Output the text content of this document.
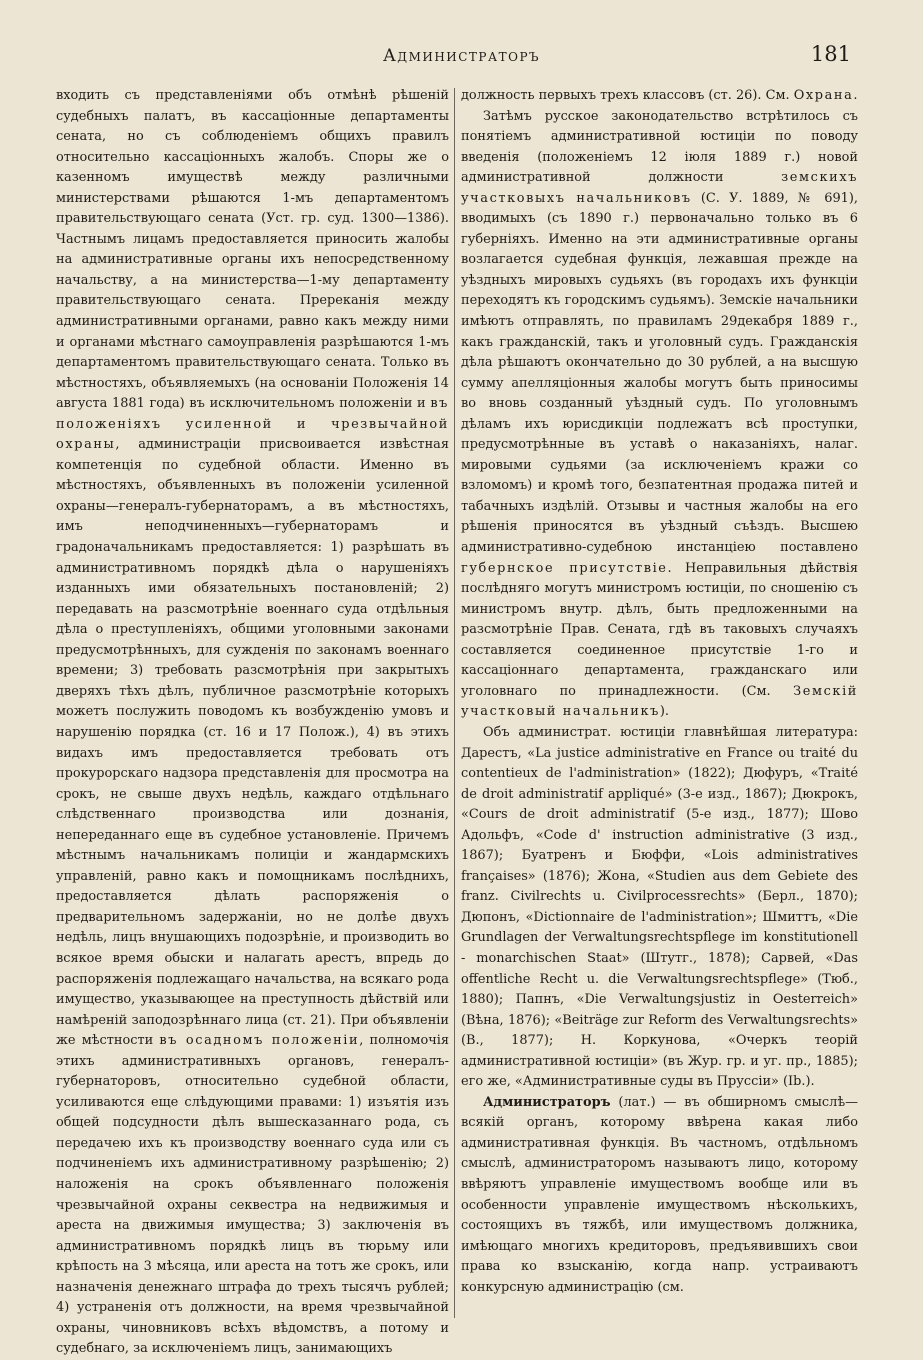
Администраторъ	181

входить съ представленіями объ отмѣнѣ рѣшеній судебныхъ палатъ, въ кассаціонные департаменты сената, но съ соблюденіемъ общихъ правилъ относительно кассаціонныхъ жалобъ. Споры же о казенномъ имуществѣ между различными министерствами рѣшаются 1-мъ департаментомъ правительствующаго сената (Уст. гр. суд. 1300—1386). Частнымъ лицамъ предоставляется приносить жалобы на административные органы ихъ непосредственному начальству, а на министерства—1-му департаменту правительствующаго сената. Пререканія между административными органами, равно какъ между ними и органами мѣстнаго самоуправленія разрѣшаются 1-мъ департаментомъ правительствующаго сената. Только въ мѣстностяхъ, объявляемыхъ (на основаніи Положенія 14 августа 1881 года) въ исключительномъ положеніи и въ положеніяхъ усиленной и чрезвычайной охраны, администраціи присвоивается извѣстная компетенція по судебной области. Именно въ мѣстностяхъ, объявленныхъ въ положеніи усиленной охраны—генералъ-губернаторамъ, а въ мѣстностяхъ, имъ неподчиненныхъ—губернаторамъ и градоначальникамъ предоставляется: 1) разрѣшать въ административномъ порядкѣ дѣла о нарушеніяхъ изданныхъ ими обязательныхъ постановленій; 2) передавать на разсмотрѣніе военнаго суда отдѣльныя дѣла о преступленіяхъ, общими уголовными законами предусмотрѣнныхъ, для сужденія по законамъ военнаго времени; 3) требовать разсмотрѣнія при закрытыхъ дверяхъ тѣхъ дѣлъ, публичное разсмотрѣніе которыхъ можетъ послужить поводомъ къ возбужденію умовъ и нарушенію порядка (ст. 16 и 17 Полож.), 4) въ этихъ видахъ имъ предоставляется требовать отъ прокурорскаго надзора представленія для просмотра на срокъ, не свыше двухъ недѣль, каждаго отдѣльнаго слѣдственнаго производства или дознанія, непереданнаго еще въ судебное установленіе. Причемъ мѣстнымъ начальникамъ полиціи и жандармскихъ управленій, равно какъ и помощникамъ послѣднихъ, предоставляется дѣлать распоряженія о предварительномъ задержаніи, но не долѣе двухъ недѣль, лицъ внушающихъ подозрѣніе, и производить во всякое время обыски и налагать арестъ, впредь до распоряженія подлежащаго начальства, на всякаго рода имущество, указывающее на преступность дѣйствій или намѣреній заподозрѣннаго лица (ст. 21). При объявленіи же мѣстности въ осадномъ положеніи, полномочія этихъ административныхъ органовъ, генералъ-губернаторовъ, относительно судебной области, усиливаются еще слѣдующими правами: 1) изъятія изъ общей подсудности дѣлъ вышесказаннаго рода, съ передачею ихъ къ производству военнаго суда или съ подчиненіемъ ихъ административному разрѣшенію; 2) наложенія на срокъ объявленнаго положенія чрезвычайной охраны секвестра на недвижимыя и ареста на движимыя имущества; 3) заключенія въ административномъ порядкѣ лицъ въ тюрьму или крѣпость на 3 мѣсяца, или ареста на тотъ же срокъ, или назначенія денежнаго штрафа до трехъ тысячъ рублей; 4) устраненія отъ должности, на время чрезвычайной охраны, чиновниковъ всѣхъ вѣдомствъ, а потому и судебнаго, за исключеніемъ лицъ, занимающихъ

должность первыхъ трехъ классовъ (ст. 26). См. Охрана.

Затѣмъ русское законодательство встрѣтилось съ понятіемъ административной юстиціи по поводу введенія (положеніемъ 12 іюля 1889 г.) новой административной должности	земскихъ участковыхъ начальниковъ (С. У. 1889, № 691), вводимыхъ (съ 1890 г.) первоначально только въ 6 губерніяхъ. Именно на эти административные органы возлагается судебная функція, лежавшая прежде на уѣздныхъ мировыхъ судьяхъ (въ городахъ ихъ функціи переходятъ къ городскимъ судьямъ). Земскіе начальники имѣютъ отправлять, по правиламъ 29декабря 1889 г., какъ гражданскій, такъ и уголовный судъ. Гражданскія дѣла рѣшаютъ окончательно до 30 рублей, а на высшую сумму апелляціонныя жалобы могутъ быть приносимы во вновь созданный уѣздный судъ. По уголовнымъ дѣламъ ихъ юрисдикціи подлежатъ всѣ проступки, предусмотрѣнные въ уставѣ о наказаніяхъ, налаг. мировыми судьями (за исключеніемъ кражи со взломомъ) и кромѣ того, безпатентная продажа питей и табачныхъ издѣлій. Отзывы и частныя жалобы на его рѣшенія приносятся въ уѣздный съѣздъ. Высшею административно-судебною инстанціею поставлено губернское присутствіе. Неправильныя дѣйствія послѣдняго могутъ министромъ юстиціи, по сношенію съ министромъ внутр. дѣлъ, быть предложенными на разсмотрѣніе Прав. Сената, гдѣ въ таковыхъ случаяхъ составляется соединенное присутствіе 1-го и кассаціоннаго департамента, гражданскаго или уголовнаго по принадлежности. (См. Земскій участковый начальникъ).

Объ администрат. юстиціи главнѣйшая литература: Дарестъ, «La justice administrative en France ou traité du contentieux de l'administration» (1822); Дюфуръ, «Traité de droit administratif appliqué» (3-е изд., 1867); Дюкрокъ, «Cours de droit administratif (5-е изд., 1877); Шово Адольфъ, «Code d' instruction administrative (3 изд., 1867); Буатренъ и Бюффи, «Lois administratives françaises» (1876); Жона, «Studien aus dem Gebiete des franz. Civilrechts u. Civilprocessrechts» (Берл., 1870); Дюпонъ, «Dictionnaire de l'administration»; Шмиттъ, «Die Grundlagen der Verwaltungsrechtspflege im konstitutionell - monarchischen Staat» (Штутг., 1878); Сарвей, «Das offentliche Recht u. die Verwaltungsrechtspflege» (Тюб., 1880); Папнъ, «Die Verwaltungsjustiz in Oesterreich» (Вѣна, 1876); «Beiträge zur Reform des Verwaltungsrechts» (В., 1877); Н. Коркунова, «Очеркъ теорій административной юстиціи» (въ Жур. гр. и уг. пр., 1885); его же, «Административные суды въ Пруссіи» (Ib.).

Администраторъ (лат.) — въ обширномъ смыслѣ—всякій органъ, которому ввѣрена какая либо административная функція. Въ частномъ, отдѣльномъ смыслѣ, администраторомъ называютъ лицо, которому ввѣряютъ управленіе имуществомъ вообще или въ особенности управленіе имуществомъ нѣсколькихъ, состоящихъ въ тяжбѣ, или имуществомъ должника, имѣющаго многихъ кредиторовъ, предъявившихъ свои права ко взысканію, когда напр. устраиваютъ конкурсную администрацію (см.
